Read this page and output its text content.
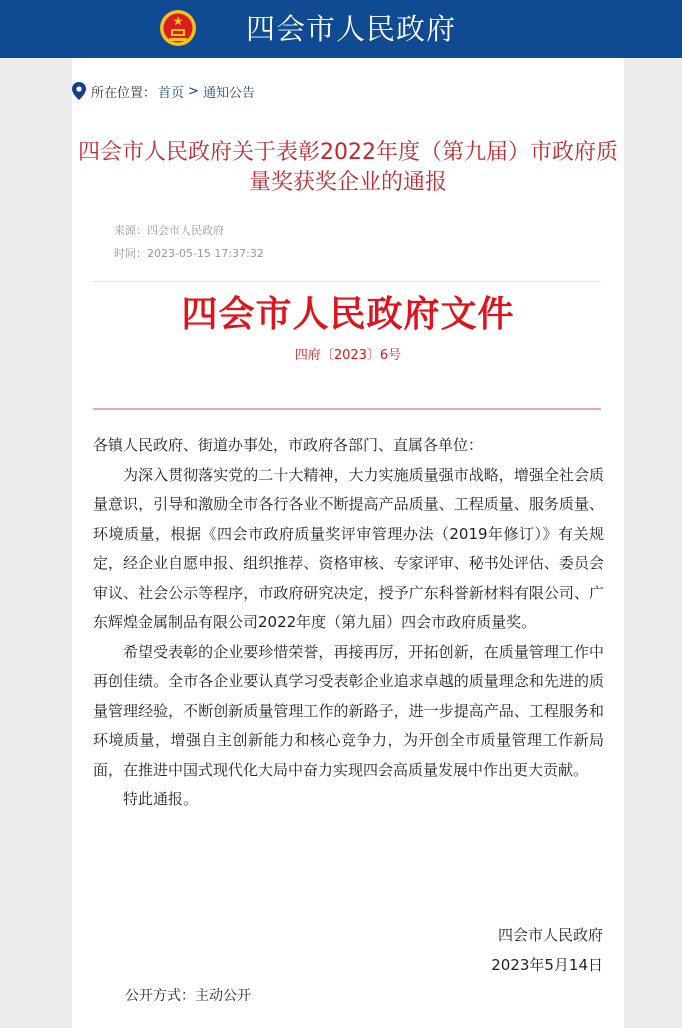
四会市人民政府
所在位置： 首页 > 通知公告
四会市人民政府关于表彰2022年度（第九届）市政府质量奖获奖企业的通报
来源：四会市人民政府
时间：2023-05-15 17:37:32
四会市人民政府文件
四府〔2023〕6号

各镇人民政府、街道办事处，市政府各部门、直属各单位：

为深入贯彻落实党的二十大精神，大力实施质量强市战略，增强全社会质量意识，引导和激励全市各行各业不断提高产品质量、工程质量、服务质量、环境质量，根据《四会市政府质量奖评审管理办法（2019年修订）》有关规定，经企业自愿申报、组织推荐、资格审核、专家评审、秘书处评估、委员会审议、社会公示等程序，市政府研究决定，授予广东科誉新材料有限公司、广东辉煌金属制品有限公司2022年度（第九届）四会市政府质量奖。

希望受表彰的企业要珍惜荣誉，再接再厉，开拓创新，在质量管理工作中再创佳绩。全市各企业要认真学习受表彰企业追求卓越的质量理念和先进的质量管理经验，不断创新质量管理工作的新路子，进一步提高产品、工程服务和环境质量，增强自主创新能力和核心竞争力，为开创全市质量管理工作新局面，在推进中国式现代化大局中奋力实现四会高质量发展中作出更大贡献。

特此通报。

四会市人民政府
2023年5月14日
公开方式：主动公开
